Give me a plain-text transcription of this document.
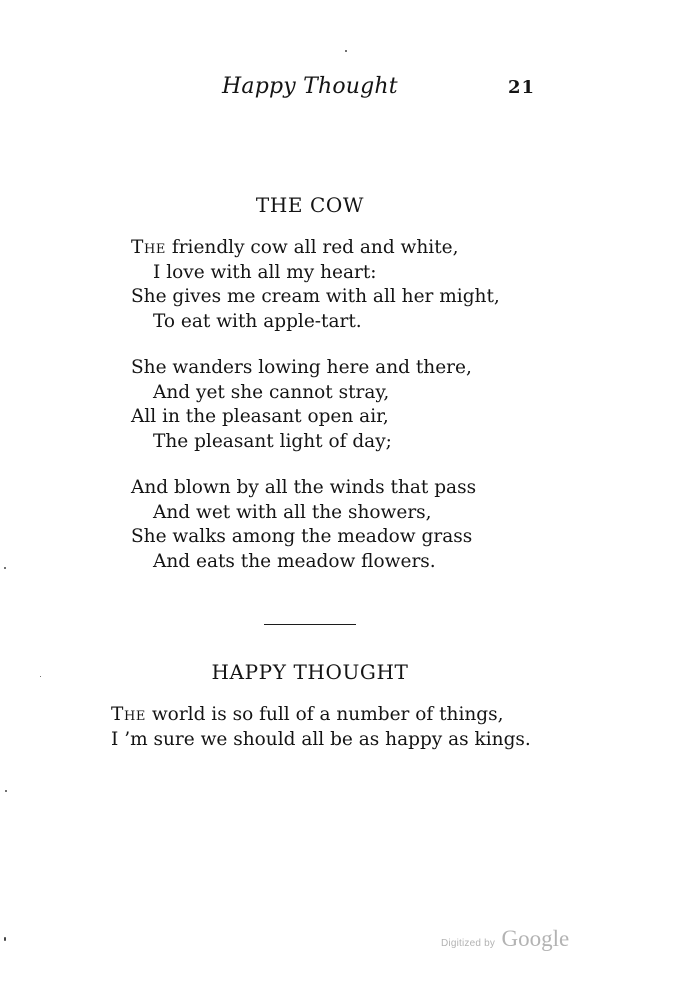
Happy Thought	21
THE COW
The friendly cow all red and white,
I love with all my heart:
She gives me cream with all her might,
To eat with apple-tart.
She wanders lowing here and there,
And yet she cannot stray,
All in the pleasant open air,
The pleasant light of day;
And blown by all the winds that pass
And wet with all the showers,
She walks among the meadow grass
And eats the meadow flowers.
HAPPY THOUGHT
The world is so full of a number of things,
I ’m sure we should all be as happy as kings.
Digitized by Google
